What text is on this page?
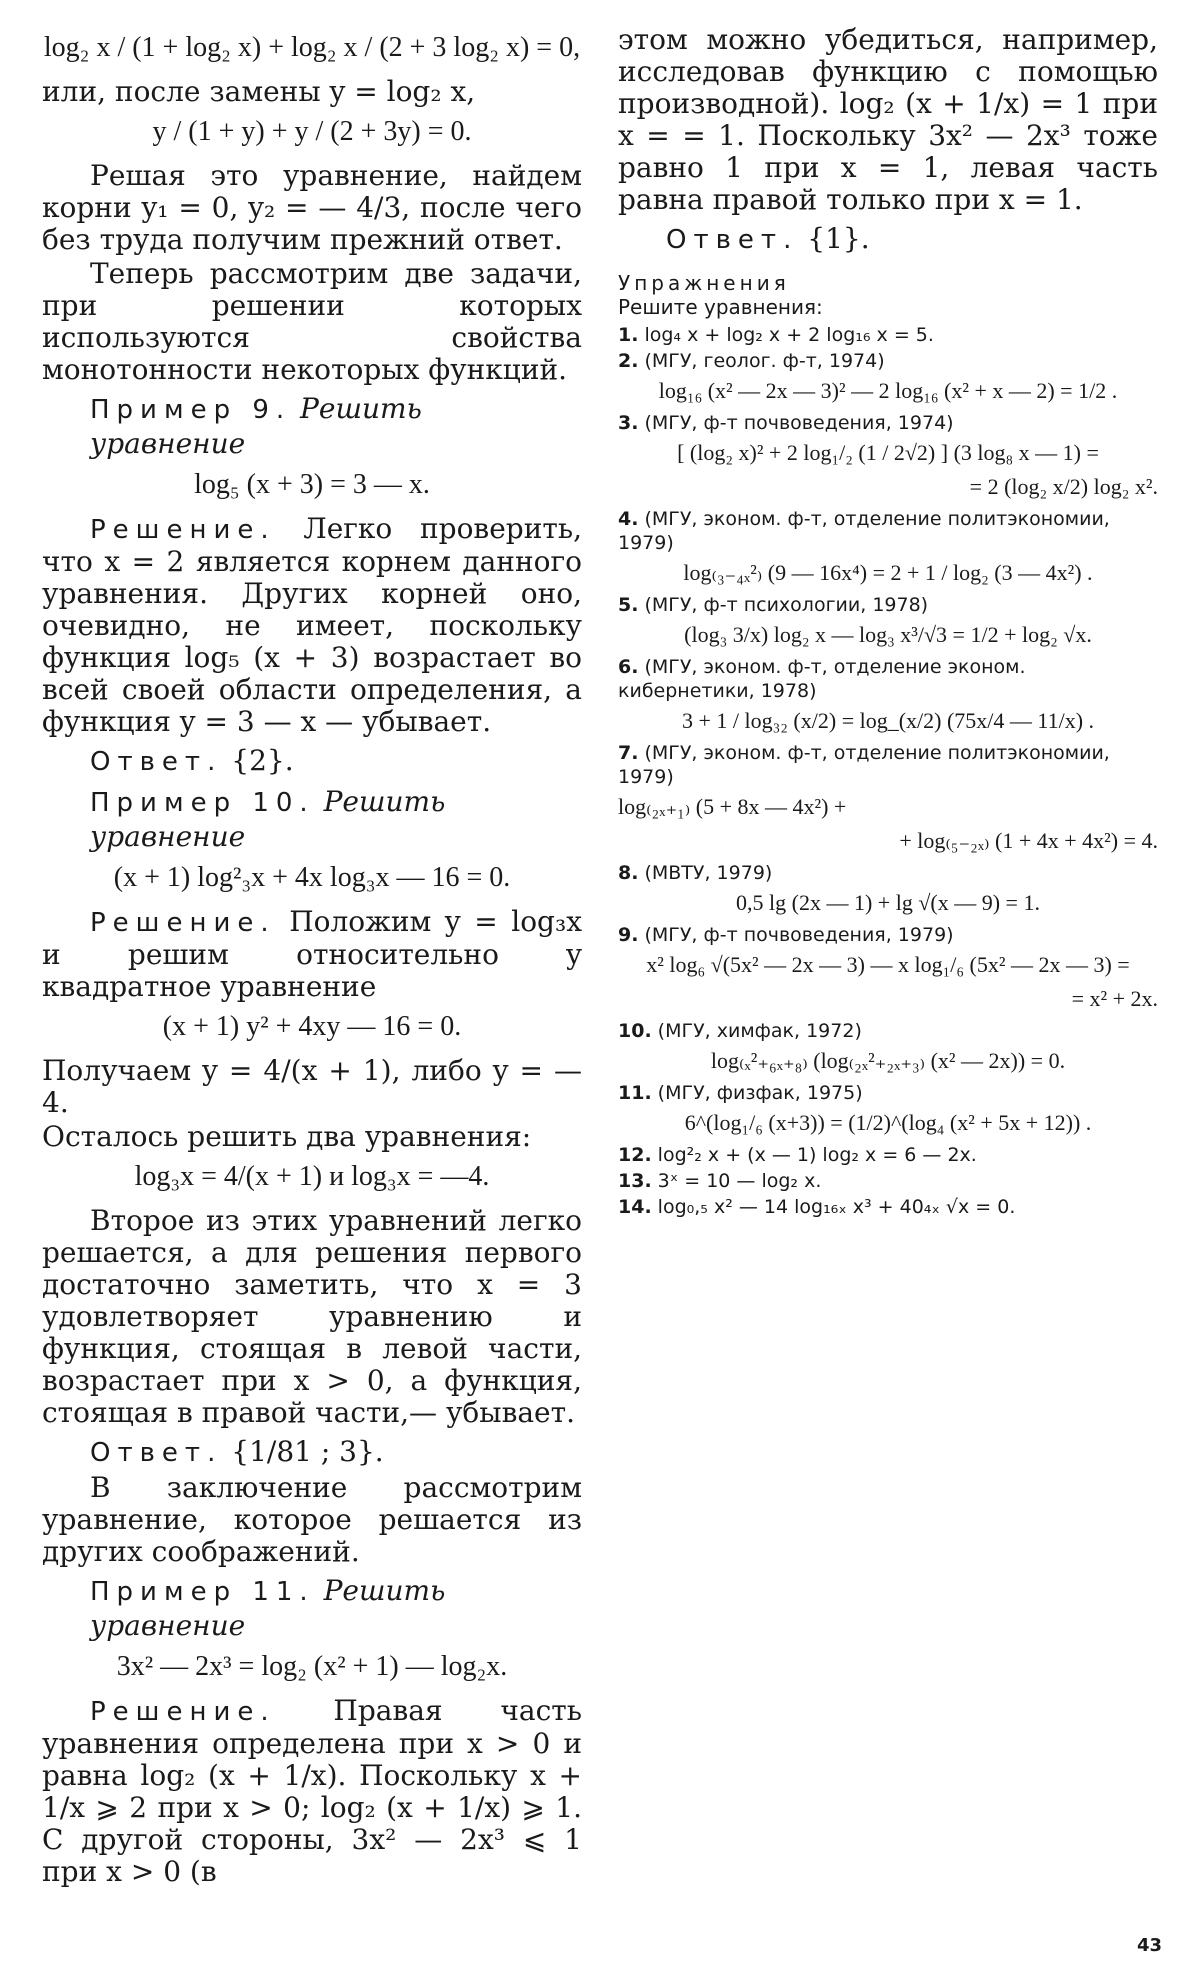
log₂ x / (1 + log₂ x) + log₂ x / (2 + 3 log₂ x) = 0,

или, после замены y = log₂ x,

y / (1 + y) + y / (2 + 3y) = 0.

Решая это уравнение, найдем корни y₁ = 0, y₂ = — 4/3, после чего без труда получим прежний ответ.

Теперь рассмотрим две задачи, при решении которых используются свойства монотонности некоторых функций.

Пример 9. Решить уравнение
log₅ (x + 3) = 3 — x.

Решение. Легко проверить, что x = 2 является корнем данного уравнения. Других корней оно, очевидно, не имеет, поскольку функция log₅ (x + 3) возрастает во всей своей области определения, а функция y = 3 — x — убывает.

Ответ. {2}.
Пример 10. Решить уравнение
(x + 1) log²₃x + 4x log₃x — 16 = 0.

Решение. Положим y = log₃x и решим относительно y квадратное уравнение

(x + 1) y² + 4xy — 16 = 0.

Получаем y = 4/(x + 1), либо y = —4.

Осталось решить два уравнения:

log₃x = 4/(x + 1) и log₃x = —4.

Второе из этих уравнений легко решается, а для решения первого достаточно заметить, что x = 3 удовлетворяет уравнению и функция, стоящая в левой части, возрастает при x > 0, а функция, стоящая в правой части,— убывает.

Ответ. {1/81 ; 3}.

В заключение рассмотрим уравнение, которое решается из других соображений.

Пример 11. Решить уравнение
3x² — 2x³ = log₂ (x² + 1) — log₂x.

Решение. Правая часть уравнения определена при x > 0 и равна log₂ (x + 1/x). Поскольку x + 1/x ⩾ 2 при x > 0; log₂ (x + 1/x) ⩾ 1. С другой стороны, 3x² — 2x³ ⩽ 1 при x > 0 (в

этом можно убедиться, например, исследовав функцию с помощью производной). log₂ (x + 1/x) = 1 при x = = 1. Поскольку 3x² — 2x³ тоже равно 1 при x = 1, левая часть равна правой только при x = 1.

Ответ. {1}.
Упражнения
Решите уравнения:
1. log₄ x + log₂ x + 2 log₁₆ x = 5.
2. (МГУ, геолог. ф-т, 1974)
log₁₆ (x² — 2x — 3)² — 2 log₁₆ (x² + x — 2) = 1/2 .
3. (МГУ, ф-т почвоведения, 1974)
[ (log₂ x)² + 2 log₁/₂ (1 / 2√2) ] (3 log₈ x — 1) =
= 2 (log₂ x/2) log₂ x².
4. (МГУ, эконом. ф-т, отделение политэкономии, 1979)
log₍₃₋₄ₓ²₎ (9 — 16x⁴) = 2 + 1 / log₂ (3 — 4x²) .
5. (МГУ, ф-т психологии, 1978)
(log₃ 3/x) log₂ x — log₃ x³/√3 = 1/2 + log₂ √x.
6. (МГУ, эконом. ф-т, отделение эконом. кибернетики, 1978)
3 + 1 / log₃₂ (x/2) = log_(x/2) (75x/4 — 11/x) .
7. (МГУ, эконом. ф-т, отделение политэкономии, 1979)
log₍₂ₓ₊₁₎ (5 + 8x — 4x²) +
+ log₍₅₋₂ₓ₎ (1 + 4x + 4x²) = 4.
8. (МВТУ, 1979)
0,5 lg (2x — 1) + lg √(x — 9) = 1.
9. (МГУ, ф-т почвоведения, 1979)
x² log₆ √(5x² — 2x — 3) — x log₁/₆ (5x² — 2x — 3) =
= x² + 2x.
10. (МГУ, химфак, 1972)
log₍ₓ²₊₆ₓ₊₈₎ (log₍₂ₓ²₊₂ₓ₊₃₎ (x² — 2x)) = 0.
11. (МГУ, физфак, 1975)
6^(log₁/₆ (x+3)) = (1/2)^(log₄ (x² + 5x + 12)) .
12. log²₂ x + (x — 1) log₂ x = 6 — 2x.
13. 3ˣ = 10 — log₂ x.
14. log₀,₅ x² — 14 log₁₆ₓ x³ + 40₄ₓ √x = 0.
43
